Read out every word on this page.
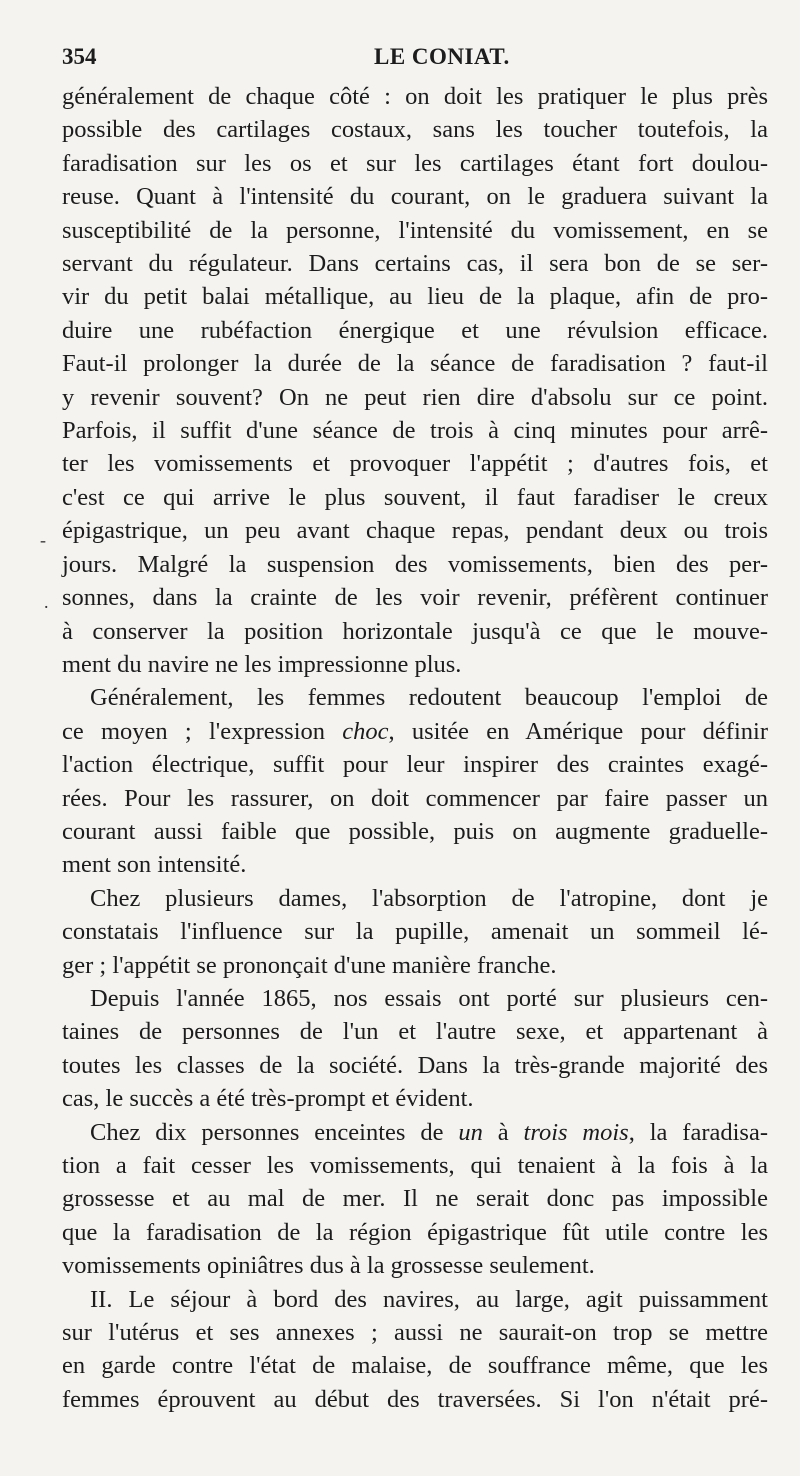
354	LE CONIAT.
-
.
généralement de chaque côté : on doit les pratiquer le plus près
possible des cartilages costaux, sans les toucher toutefois, la
faradisation sur les os et sur les cartilages étant fort doulou-
reuse. Quant à l'intensité du courant, on le graduera suivant la
susceptibilité de la personne, l'intensité du vomissement, en se
servant du régulateur. Dans certains cas, il sera bon de se ser-
vir du petit balai métallique, au lieu de la plaque, afin de pro-
duire une rubéfaction énergique et une révulsion efficace.
Faut-il prolonger la durée de la séance de faradisation ? faut-il
y revenir souvent? On ne peut rien dire d'absolu sur ce point.
Parfois, il suffit d'une séance de trois à cinq minutes pour arrê-
ter les vomissements et provoquer l'appétit ; d'autres fois, et
c'est ce qui arrive le plus souvent, il faut faradiser le creux
épigastrique, un peu avant chaque repas, pendant deux ou trois
jours. Malgré la suspension des vomissements, bien des per-
sonnes, dans la crainte de les voir revenir, préfèrent continuer
à conserver la position horizontale jusqu'à ce que le mouve-
ment du navire ne les impressionne plus.
Généralement, les femmes redoutent beaucoup l'emploi de
ce moyen ; l'expression choc, usitée en Amérique pour définir
l'action électrique, suffit pour leur inspirer des craintes exagé-
rées. Pour les rassurer, on doit commencer par faire passer un
courant aussi faible que possible, puis on augmente graduelle-
ment son intensité.
Chez plusieurs dames, l'absorption de l'atropine, dont je
constatais l'influence sur la pupille, amenait un sommeil lé-
ger ; l'appétit se prononçait d'une manière franche.
Depuis l'année 1865, nos essais ont porté sur plusieurs cen-
taines de personnes de l'un et l'autre sexe, et appartenant à
toutes les classes de la société. Dans la très-grande majorité des
cas, le succès a été très-prompt et évident.
Chez dix personnes enceintes de un à trois mois, la faradisa-
tion a fait cesser les vomissements, qui tenaient à la fois à la
grossesse et au mal de mer. Il ne serait donc pas impossible
que la faradisation de la région épigastrique fût utile contre les
vomissements opiniâtres dus à la grossesse seulement.
II. Le séjour à bord des navires, au large, agit puissamment
sur l'utérus et ses annexes ; aussi ne saurait-on trop se mettre
en garde contre l'état de malaise, de souffrance même, que les
femmes éprouvent au début des traversées. Si l'on n'était pré-
